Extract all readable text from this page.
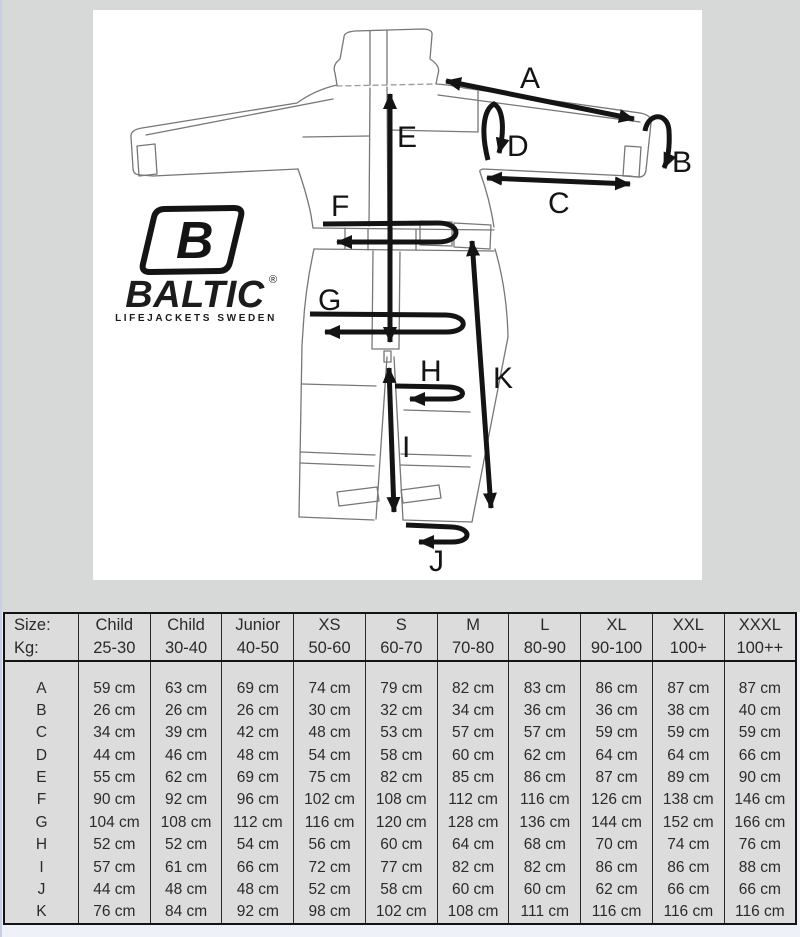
A
B
C
D
E
F
G
H
I
J
K
B
BALTIC ®
LIFEJACKETS SWEDEN
Size:	Child	Child	Junior	XS	S	M	L	XL	XXL	XXXL
Kg:	25-30	30-40	40-50	50-60	60-70	70-80	80-90	90-100	100+	100++

A	59 cm	63 cm	69 cm	74 cm	79 cm	82 cm	83 cm	86 cm	87 cm	87 cm
B	26 cm	26 cm	26 cm	30 cm	32 cm	34 cm	36 cm	36 cm	38 cm	40 cm
C	34 cm	39 cm	42 cm	48 cm	53 cm	57 cm	57 cm	59 cm	59 cm	59 cm
D	44 cm	46 cm	48 cm	54 cm	58 cm	60 cm	62 cm	64 cm	64 cm	66 cm
E	55 cm	62 cm	69 cm	75 cm	82 cm	85 cm	86 cm	87 cm	89 cm	90 cm
F	90 cm	92 cm	96 cm	102 cm	108 cm	112 cm	116 cm	126 cm	138 cm	146 cm
G	104 cm	108 cm	112 cm	116 cm	120 cm	128 cm	136 cm	144 cm	152 cm	166 cm
H	52 cm	52 cm	54 cm	56 cm	60 cm	64 cm	68 cm	70 cm	74 cm	76 cm
I	57 cm	61 cm	66 cm	72 cm	77 cm	82 cm	82 cm	86 cm	86 cm	88 cm
J	44 cm	48 cm	48 cm	52 cm	58 cm	60 cm	60 cm	62 cm	66 cm	66 cm
K	76 cm	84 cm	92 cm	98 cm	102 cm	108 cm	111 cm	116 cm	116 cm	116 cm
